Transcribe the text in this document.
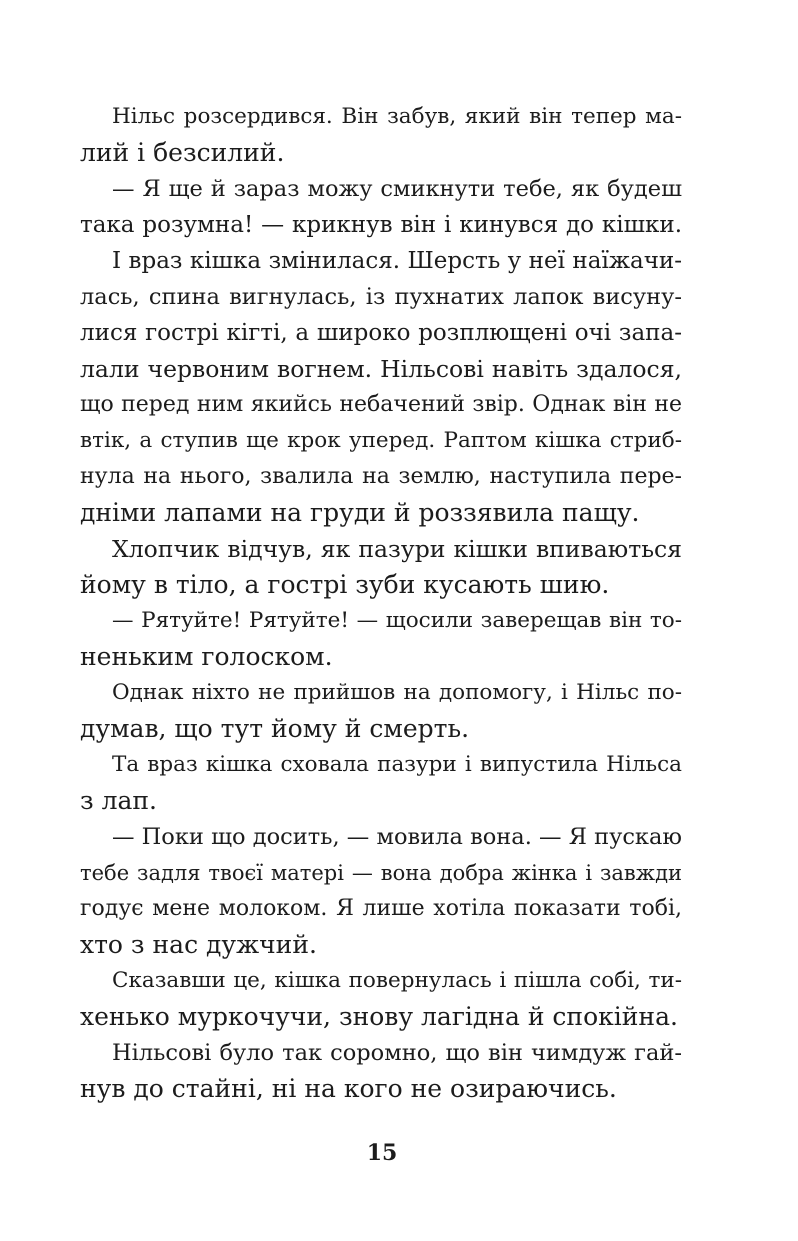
Нільс розсердився. Він забув, який він тепер ма-
лий і безсилий.
— Я ще й зараз можу смикнути тебе, як будеш
така розумна! — крикнув він і кинувся до кішки.
І враз кішка змінилася. Шерсть у неї наїжачи-
лась, спина вигнулась, із пухнатих лапок висуну-
лися гострі кігті, а широко розплющені очі запа-
лали червоним вогнем. Нільсові навіть здалося,
що перед ним якийсь небачений звір. Однак він не
втік, а ступив ще крок уперед. Раптом кішка стриб-
нула на нього, звалила на землю, наступила пере-
дніми лапами на груди й роззявила пащу.
Хлопчик відчув, як пазури кішки впиваються
йому в тіло, а гострі зуби кусають шию.
— Рятуйте! Рятуйте! — щосили заверещав він то-
неньким голоском.
Однак ніхто не прийшов на допомогу, і Нільс по-
думав, що тут йому й смерть.
Та враз кішка сховала пазури і випустила Нільса
з лап.
— Поки що досить, — мовила вона. — Я пускаю
тебе задля твоєї матері — вона добра жінка і завжди
годує мене молоком. Я лише хотіла показати тобі,
хто з нас дужчий.
Сказавши це, кішка повернулась і пішла собі, ти-
хенько муркочучи, знову лагідна й спокійна.
Нільсові було так соромно, що він чимдуж гай-
нув до стайні, ні на кого не озираючись.
15
